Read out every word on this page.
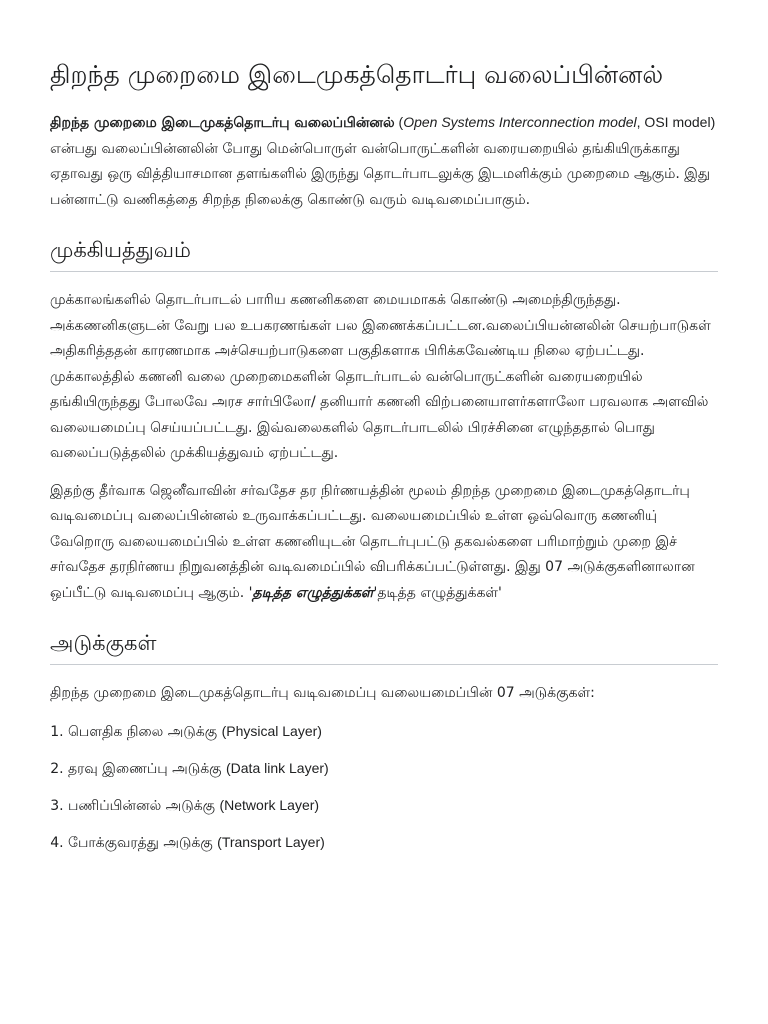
திறந்த முறைமை இடைமுகத்தொடர்பு வலைப்பின்னல்

திறந்த முறைமை இடைமுகத்தொடர்பு வலைப்பின்னல் (Open Systems Interconnection model, OSI model) என்பது வலைப்பின்னலின் போது மென்பொருள் வன்பொருட்களின் வரையறையில் தங்கியிருக்காது ஏதாவது ஒரு வித்தியாசமான தளங்களில் இருந்து தொடர்பாடலுக்கு இடமளிக்கும் முறைமை ஆகும். இது பன்னாட்டு வணிகத்தை சிறந்த நிலைக்கு கொண்டு வரும் வடிவமைப்பாகும்.

முக்கியத்துவம்

முக்காலங்களில் தொடர்பாடல் பாரிய கணனிகளை மையமாகக் கொண்டு அமைந்திருந்தது. அக்கணனிகளுடன் வேறு பல உபகரணங்கள் பல இணைக்கப்பட்டன.வலைப்பியன்னலின் செயற்பாடுகள் அதிகரித்ததன் காரணமாக அச்செயற்பாடுகளை பகுதிகளாக பிரிக்கவேண்டிய நிலை ஏற்பட்டது. முக்காலத்தில் கணனி வலை முறைமைகளின் தொடர்பாடல் வன்பொருட்களின் வரையறையில் தங்கியிருந்தது போலவே அரச சார்பிலோ/ தனியார் கணனி விற்பனையாளர்களாலோ பரவலாக அளவில் வலையமைப்பு செய்யப்பட்டது. இவ்வலைகளில் தொடர்பாடலில் பிரச்சினை எழுந்ததால் பொது வலைப்படுத்தலில் முக்கியத்துவம் ஏற்பட்டது.

இதற்கு தீர்வாக ஜெனீவாவின் சர்வதேச தர நிர்ணயத்தின் மூலம் திறந்த முறைமை இடைமுகத்தொடர்பு வடிவமைப்பு வலைப்பின்னல் உருவாக்கப்பட்டது. வலையமைப்பில் உள்ள ஒவ்வொரு கணனியு் வேறொரு வலையமைப்பில் உள்ள கணனியுடன் தொடர்புபட்டு தகவல்களை பரிமாற்றும் முறை இச் சர்வதேச தரநிர்ணய நிறுவனத்தின் வடிவமைப்பில் விபரிக்கப்பட்டுள்ளது. இது 07 அடுக்குகளினாலான ஒப்பீட்டு வடிவமைப்பு ஆகும். 'தடித்த எழுத்துக்கள்'தடித்த எழுத்துக்கள்'

அடுக்குகள்

திறந்த முறைமை இடைமுகத்தொடர்பு வடிவமைப்பு வலையமைப்பின் 07 அடுக்குகள்:

1. பௌதிக நிலை அடுக்கு (Physical Layer)
2. தரவு இணைப்பு அடுக்கு (Data link Layer)
3. பணிப்பின்னல் அடுக்கு (Network Layer)
4. போக்குவரத்து அடுக்கு (Transport Layer)
